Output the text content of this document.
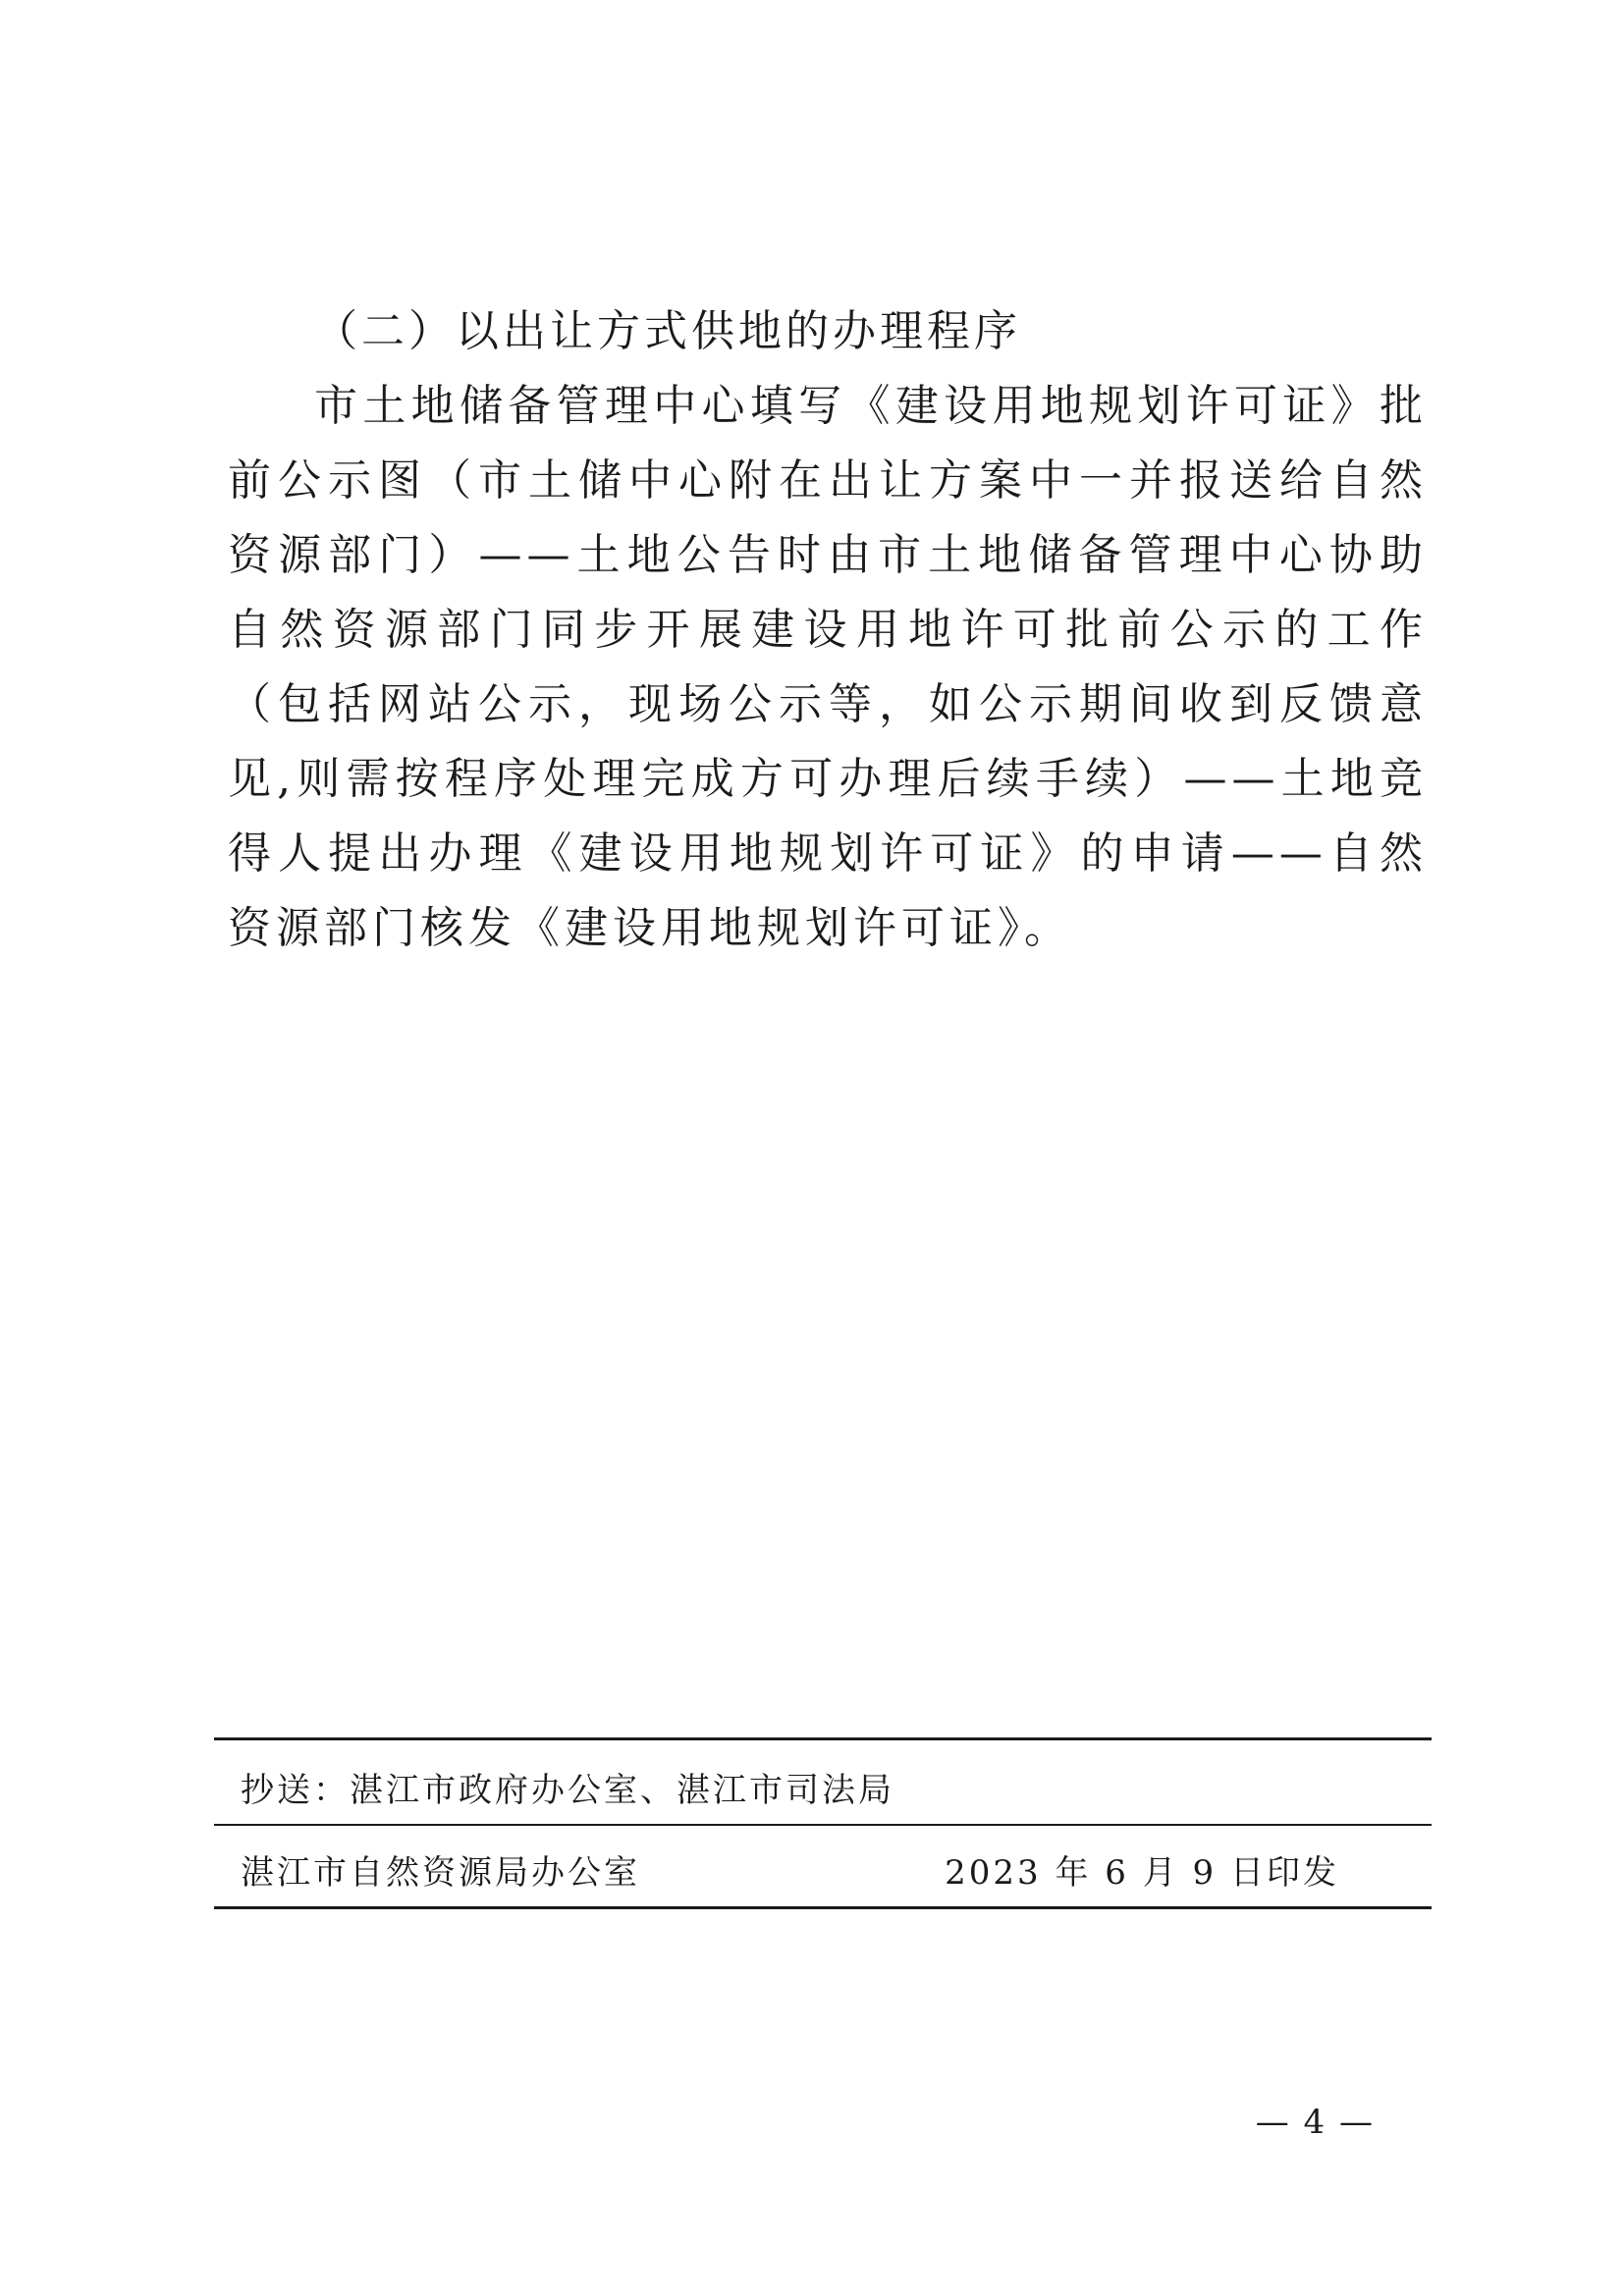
（二）以出让方式供地的办理程序

市土地储备管理中心填写《建设用地规划许可证》批前公示图（市土储中心附在出让方案中一并报送给自然资源部门）——土地公告时由市土地储备管理中心协助自然资源部门同步开展建设用地许可批前公示的工作（包括网站公示，现场公示等，如公示期间收到反馈意见,则需按程序处理完成方可办理后续手续）——土地竞得人提出办理《建设用地规划许可证》的申请——自然资源部门核发《建设用地规划许可证》。

抄送：湛江市政府办公室、湛江市司法局
湛江市自然资源局办公室	2023 年 6 月 9 日印发
— 4 —
